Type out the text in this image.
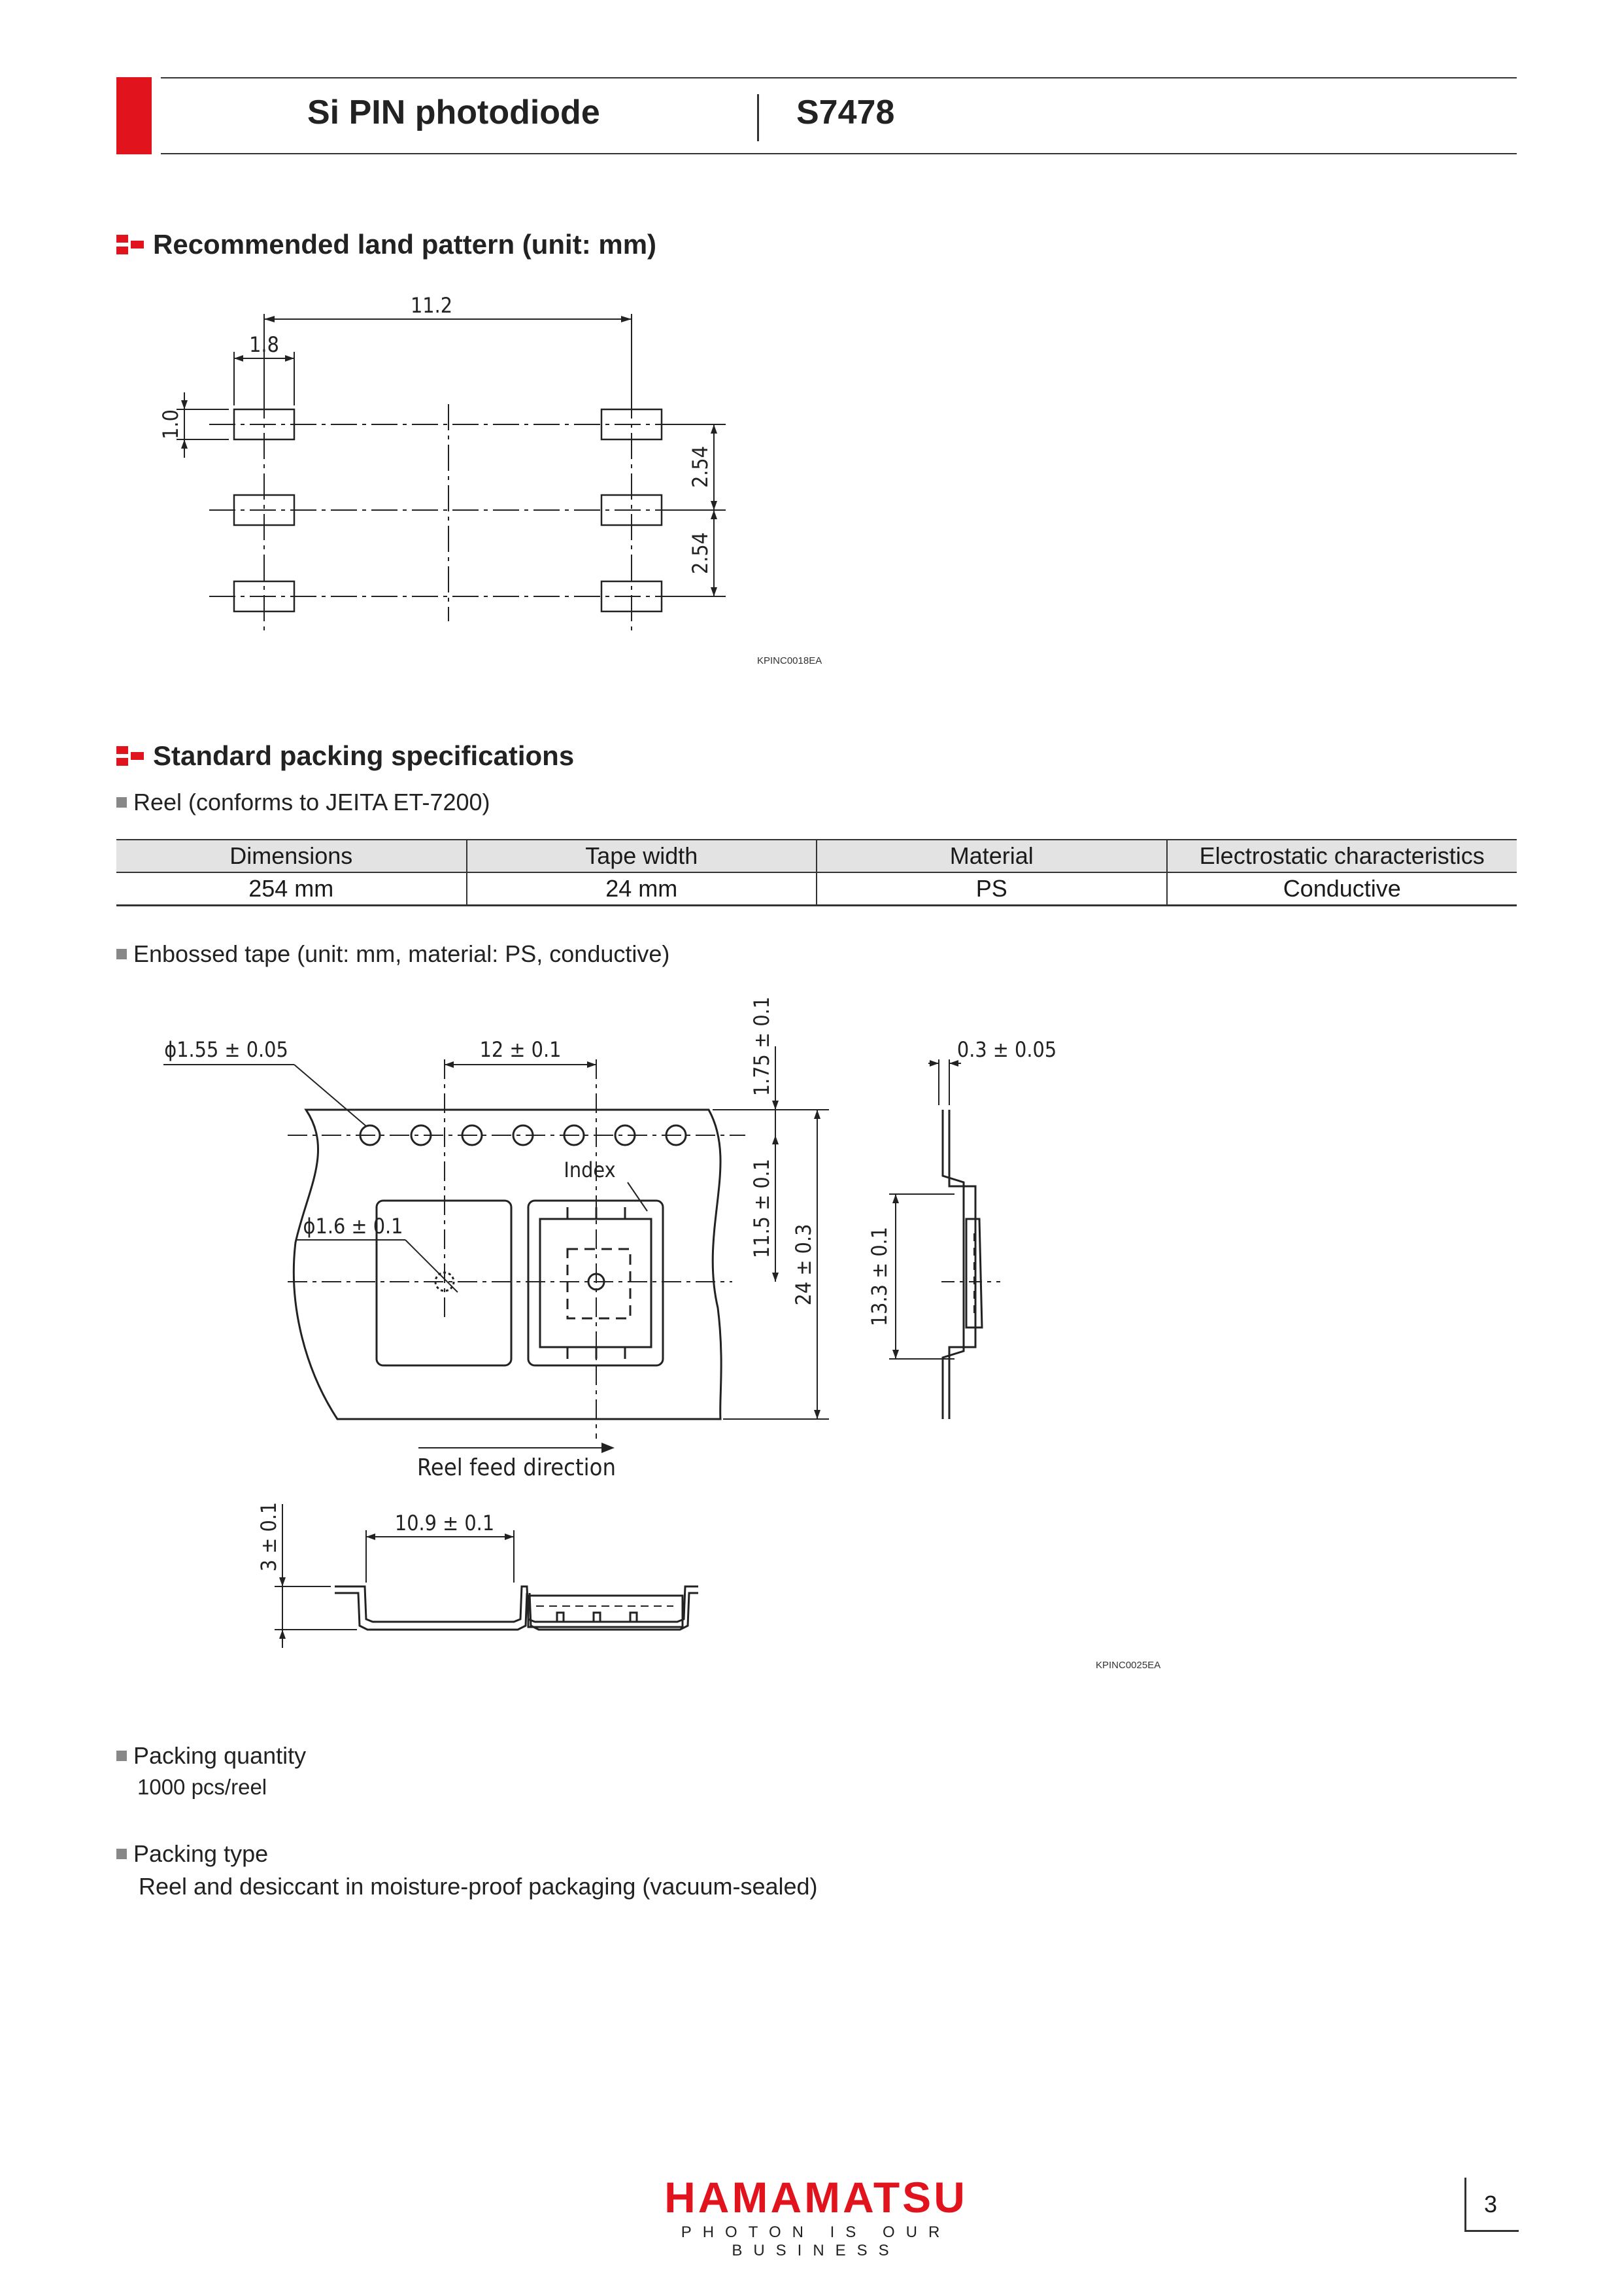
Si PIN photodiode	S7478
Recommended land pattern (unit: mm)
11.2
1.8
1.0
2.54
2.54
KPINC0018EA
Standard packing specifications
Reel (conforms to JEITA ET-7200)
Dimensions	Tape width	Material	Electrostatic characteristics
254 mm	24 mm	PS	Conductive
Enbossed tape (unit: mm, material: PS, conductive)
ϕ1.55 ± 0.05	12 ± 0.1	1.75 ± 0.1
Index
ϕ1.6 ± 0.1	11.5 ± 0.1
24 ± 0.3
Reel feed direction
0.3 ± 0.05
13.3 ± 0.1
10.9 ± 0.1
3 ± 0.1
KPINC0025EA
Packing quantity
1000 pcs/reel
Packing type
Reel and desiccant in moisture-proof packaging (vacuum-sealed)
HAMAMATSU
PHOTON IS OUR BUSINESS
3
